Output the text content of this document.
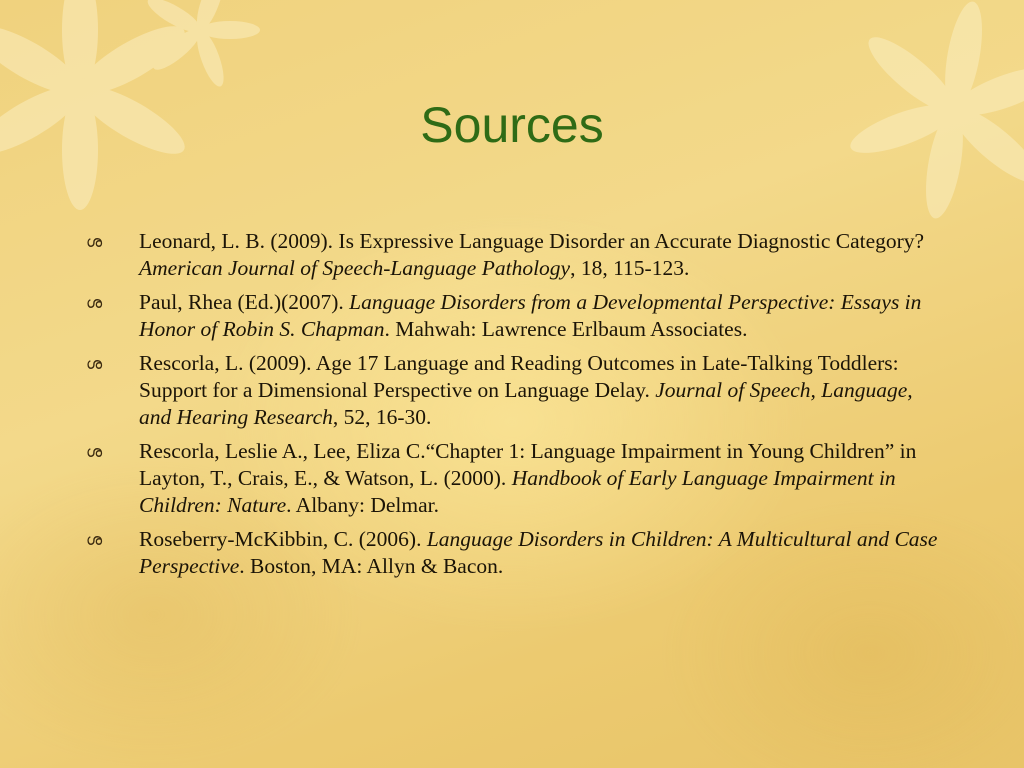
Sources
ശ Leonard, L. B. (2009). Is Expressive Language Disorder an Accurate Diagnostic Category? American Journal of Speech-Language Pathology, 18, 115-123.
ശ Paul, Rhea (Ed.)(2007). Language Disorders from a Developmental Perspective: Essays in Honor of Robin S. Chapman. Mahwah: Lawrence Erlbaum Associates.
ശ Rescorla, L. (2009). Age 17 Language and Reading Outcomes in Late-Talking Toddlers: Support for a Dimensional Perspective on Language Delay. Journal of Speech, Language, and Hearing Research, 52, 16-30.
ശ Rescorla, Leslie A., Lee, Eliza C.“Chapter 1: Language Impairment in Young Children” in Layton, T., Crais, E., & Watson, L. (2000). Handbook of Early Language Impairment in Children: Nature. Albany: Delmar.
ശ Roseberry-McKibbin, C. (2006). Language Disorders in Children: A Multicultural and Case Perspective. Boston, MA: Allyn & Bacon.
